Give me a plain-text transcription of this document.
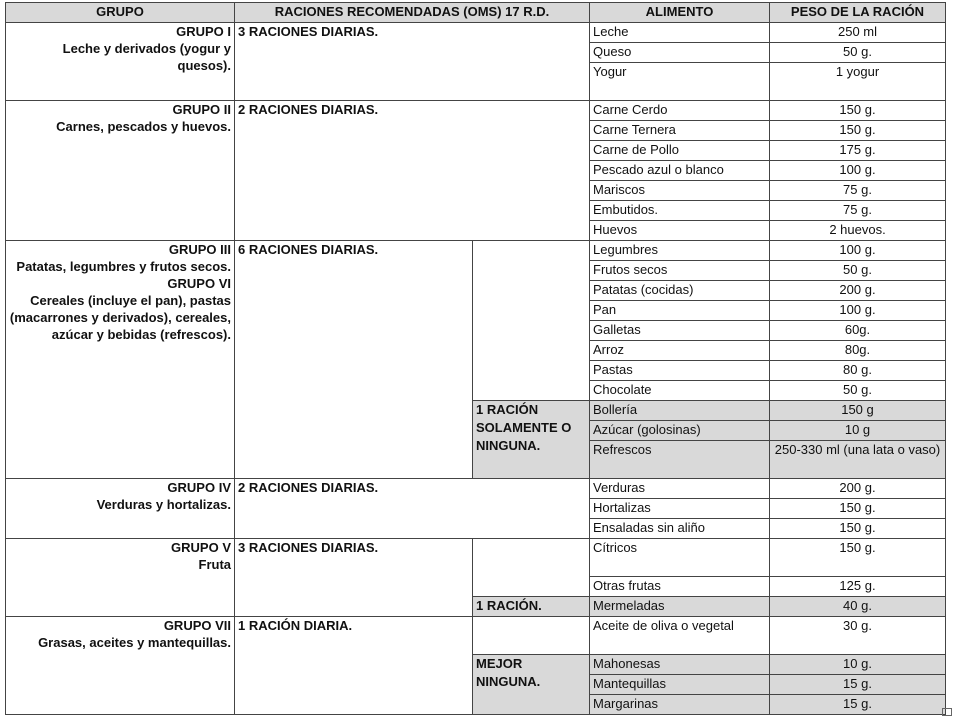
GRUPO	RACIONES RECOMENDADAS (OMS) 17 R.D.		ALIMENTO	PESO DE LA RACIÓN

GRUPO I
Leche y derivados (yogur y quesos).	3 RACIONES DIARIAS.		Leche	250 ml
			Queso	50 g.
			Yogur	1 yogur

GRUPO II
Carnes, pescados y huevos.	2 RACIONES DIARIAS.		Carne Cerdo	150 g.
			Carne Ternera	150 g.
			Carne de Pollo	175 g.
			Pescado azul o blanco	100 g.
			Mariscos	75 g.
			Embutidos.	75 g.
			Huevos	2 huevos.

GRUPO III
Patatas, legumbres y frutos secos.
GRUPO VI
Cereales (incluye el pan), pastas (macarrones y derivados), cereales, azúcar y bebidas (refrescos).	6 RACIONES DIARIAS.		Legumbres	100 g.
			Frutos secos	50 g.
			Patatas (cocidas)	200 g.
			Pan	100 g.
			Galletas	60g.
			Arroz	80g.
			Pastas	80 g.
			Chocolate	50 g.
		1 RACIÓN SOLAMENTE O NINGUNA.	Bollería	150 g
			Azúcar (golosinas)	10 g
			Refrescos	250-330 ml (una lata o vaso)

GRUPO IV
Verduras y hortalizas.	2 RACIONES DIARIAS.		Verduras	200 g.
			Hortalizas	150 g.
			Ensaladas sin aliño	150 g.

GRUPO V
Fruta	3 RACIONES DIARIAS.		Cítricos	150 g.
			Otras frutas	125 g.
		1 RACIÓN.	Mermeladas	40 g.

GRUPO VII
Grasas, aceites y mantequillas.	1 RACIÓN DIARIA.		Aceite de oliva o vegetal	30 g.
		MEJOR NINGUNA.	Mahonesas	10 g.
			Mantequillas	15 g.
			Margarinas	15 g.
